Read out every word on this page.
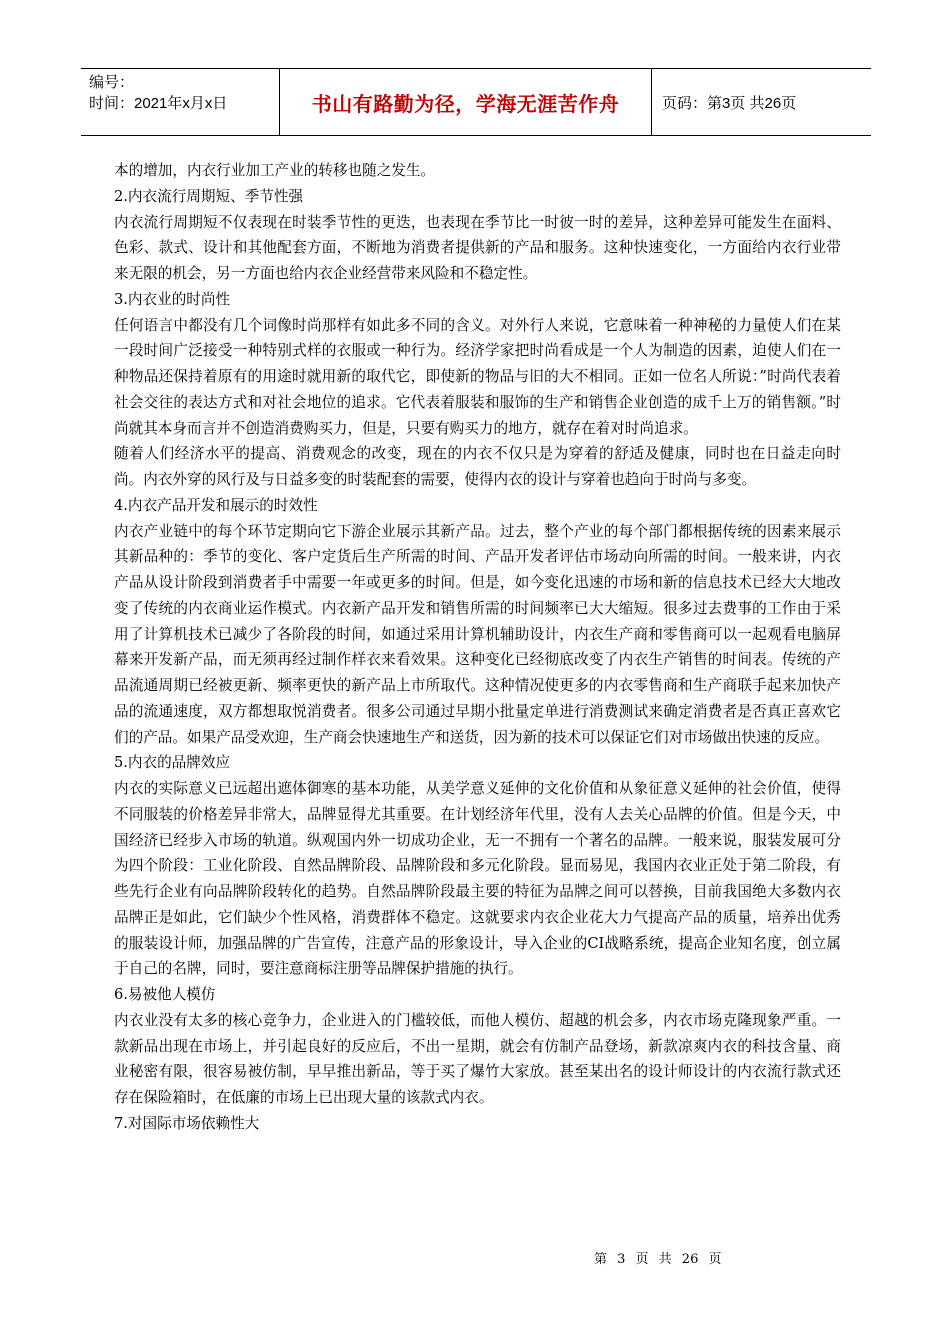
编号：
时间：2021年x月x日	书山有路勤为径，学海无涯苦作舟	页码：第3页 共26页

本的增加，内衣行业加工产业的转移也随之发生。

2.内衣流行周期短、季节性强

内衣流行周期短不仅表现在时装季节性的更迭，也表现在季节比一时彼一时的差异，这种差异可能发生在面料、色彩、款式、设计和其他配套方面，不断地为消费者提供新的产品和服务。这种快速变化，一方面给内衣行业带来无限的机会，另一方面也给内衣企业经营带来风险和不稳定性。

3.内衣业的时尚性

任何语言中都没有几个词像时尚那样有如此多不同的含义。对外行人来说，它意味着一种神秘的力量使人们在某一段时间广泛接受一种特别式样的衣服或一种行为。经济学家把时尚看成是一个人为制造的因素，迫使人们在一种物品还保持着原有的用途时就用新的取代它，即使新的物品与旧的大不相同。正如一位名人所说：”时尚代表着社会交往的表达方式和对社会地位的追求。它代表着服装和服饰的生产和销售企业创造的成千上万的销售额。”时尚就其本身而言并不创造消费购买力，但是，只要有购买力的地方，就存在着对时尚追求。

随着人们经济水平的提高、消费观念的改变，现在的内衣不仅只是为穿着的舒适及健康，同时也在日益走向时尚。内衣外穿的风行及与日益多变的时装配套的需要，使得内衣的设计与穿着也趋向于时尚与多变。

4.内衣产品开发和展示的时效性

内衣产业链中的每个环节定期向它下游企业展示其新产品。过去，整个产业的每个部门都根据传统的因素来展示其新品种的：季节的变化、客户定货后生产所需的时间、产品开发者评估市场动向所需的时间。一般来讲，内衣产品从设计阶段到消费者手中需要一年或更多的时间。但是，如今变化迅速的市场和新的信息技术已经大大地改变了传统的内衣商业运作模式。内衣新产品开发和销售所需的时间频率已大大缩短。很多过去费事的工作由于采用了计算机技术已减少了各阶段的时间，如通过采用计算机辅助设计，内衣生产商和零售商可以一起观看电脑屏幕来开发新产品，而无须再经过制作样衣来看效果。这种变化已经彻底改变了内衣生产销售的时间表。传统的产品流通周期已经被更新、频率更快的新产品上市所取代。这种情况使更多的内衣零售商和生产商联手起来加快产品的流通速度，双方都想取悦消费者。很多公司通过早期小批量定单进行消费测试来确定消费者是否真正喜欢它们的产品。如果产品受欢迎，生产商会快速地生产和送货，因为新的技术可以保证它们对市场做出快速的反应。

5.内衣的品牌效应

内衣的实际意义已远超出遮体御寒的基本功能，从美学意义延伸的文化价值和从象征意义延伸的社会价值，使得不同服装的价格差异非常大，品牌显得尤其重要。在计划经济年代里，没有人去关心品牌的价值。但是今天，中国经济已经步入市场的轨道。纵观国内外一切成功企业，无一不拥有一个著名的品牌。一般来说，服装发展可分为四个阶段：工业化阶段、自然品牌阶段、品牌阶段和多元化阶段。显而易见，我国内衣业正处于第二阶段，有些先行企业有向品牌阶段转化的趋势。自然品牌阶段最主要的特征为品牌之间可以替换，目前我国绝大多数内衣品牌正是如此，它们缺少个性风格，消费群体不稳定。这就要求内衣企业花大力气提高产品的质量，培养出优秀的服装设计师，加强品牌的广告宣传，注意产品的形象设计，导入企业的CI战略系统，提高企业知名度，创立属于自己的名牌，同时，要注意商标注册等品牌保护措施的执行。

6.易被他人模仿

内衣业没有太多的核心竞争力，企业进入的门槛较低，而他人模仿、超越的机会多，内衣市场克隆现象严重。一款新品出现在市场上，并引起良好的反应后，不出一星期，就会有仿制产品登场，新款凉爽内衣的科技含量、商业秘密有限，很容易被仿制，早早推出新品，等于买了爆竹大家放。甚至某出名的设计师设计的内衣流行款式还存在保险箱时，在低廉的市场上已出现大量的该款式内衣。

7.对国际市场依赖性大

第 3 页 共 26 页
